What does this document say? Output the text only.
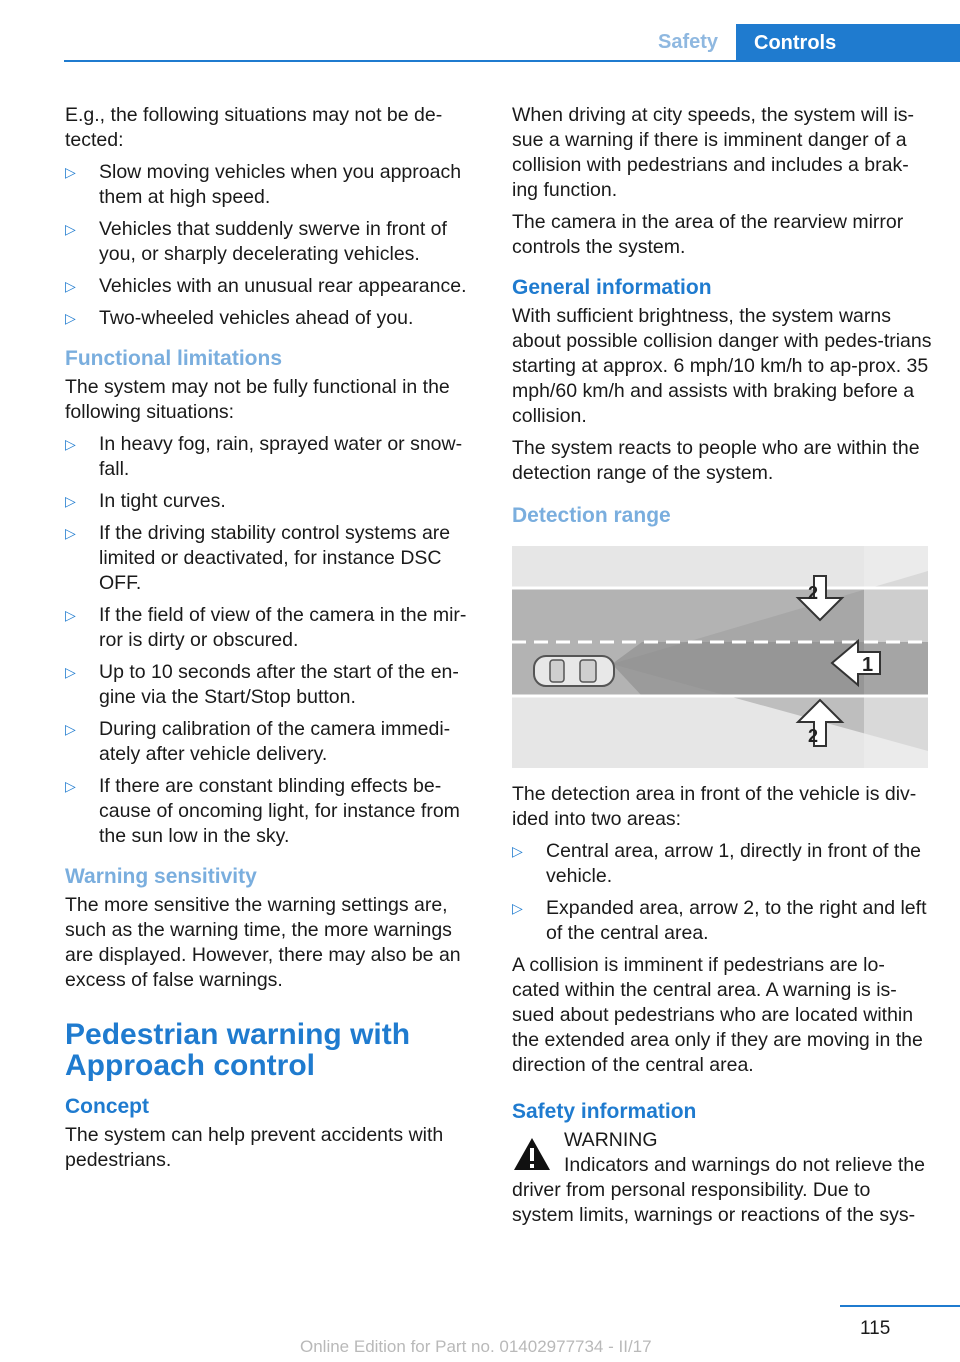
Safety	Controls

E.g., the following situations may not be de-tected:

▷ Slow moving vehicles when you approach them at high speed.
▷ Vehicles that suddenly swerve in front of you, or sharply decelerating vehicles.
▷ Vehicles with an unusual rear appearance.
▷ Two-wheeled vehicles ahead of you.
Functional limitations

The system may not be fully functional in the following situations:

▷ In heavy fog, rain, sprayed water or snow-fall.
▷ In tight curves.
▷ If the driving stability control systems are limited or deactivated, for instance DSC OFF.
▷ If the field of view of the camera in the mir-ror is dirty or obscured.
▷ Up to 10 seconds after the start of the en-gine via the Start/Stop button.
▷ During calibration of the camera immedi-ately after vehicle delivery.
▷ If there are constant blinding effects be-cause of oncoming light, for instance from the sun low in the sky.
Warning sensitivity

The more sensitive the warning settings are, such as the warning time, the more warnings are displayed. However, there may also be an excess of false warnings.

Pedestrian warning with Approach control
Concept

The system can help prevent accidents with pedestrians.

When driving at city speeds, the system will is-sue a warning if there is imminent danger of a collision with pedestrians and includes a brak-ing function.

The camera in the area of the rearview mirror controls the system.

General information

With sufficient brightness, the system warns about possible collision danger with pedes-trians starting at approx. 6 mph/10 km/h to ap-prox. 35 mph/60 km/h and assists with braking before a collision.

The system reacts to people who are within the detection range of the system.

Detection range
1
2
2

The detection area in front of the vehicle is div-ided into two areas:

▷ Central area, arrow 1, directly in front of the vehicle.
▷ Expanded area, arrow 2, to the right and left of the central area.

A collision is imminent if pedestrians are lo-cated within the central area. A warning is is-sued about pedestrians who are located within the extended area only if they are moving in the direction of the central area.

Safety information
WARNING

Indicators and warnings do not relieve the driver from personal responsibility. Due to system limits, warnings or reactions of the sys-

115
Online Edition for Part no. 01402977734 - II/17
